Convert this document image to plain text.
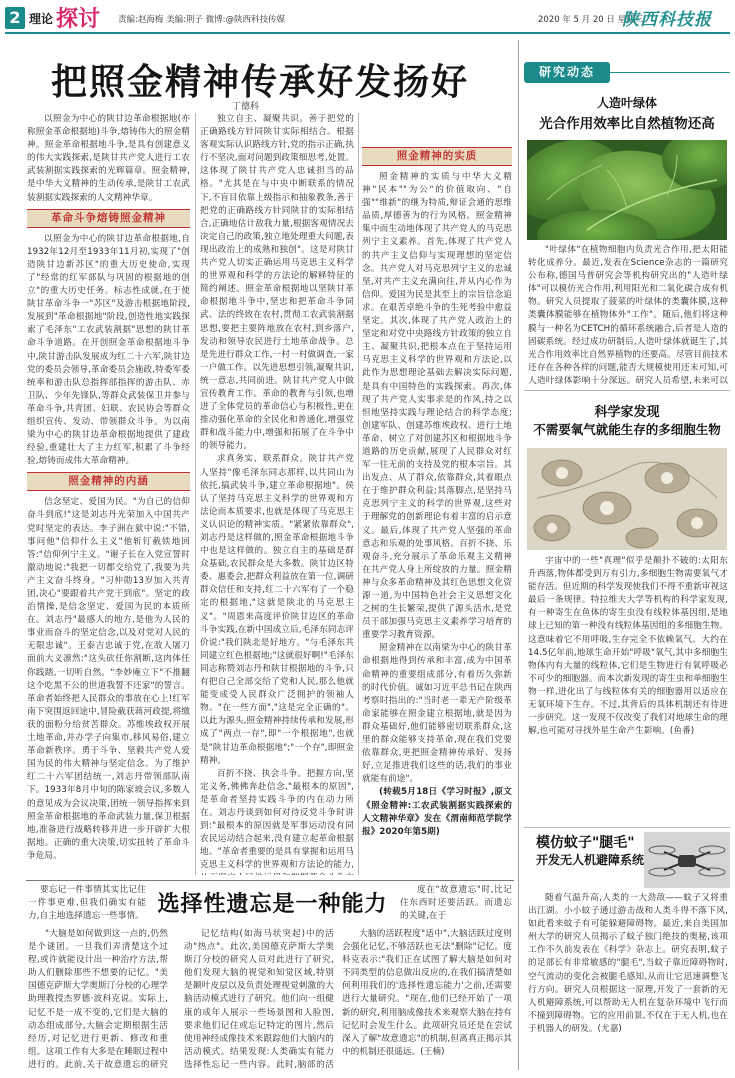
2 理论 探讨 责编:赵海梅 美编:荆子 微博:@陕西科技传媒	2020 年 5 月 20 日 星期三
陕西科技报
把照金精神传承好发扬好
丁德科

以照金为中心的陕甘边革命根据地(亦称照金革命根据地)斗争,熔铸伟大的照金精神。照金革命根据地斗争,是具有创建意义的伟大实践探索,是陕甘共产党人进行工农武装割据实践探索的光辉篇章。照金精神,是中华大义精神的生动传承,是陕甘工农武装割据实践探索的人文精神华章。

革命斗争熔铸照金精神

以照金为中心的陕甘边革命根据地,自1932年12月至1933年11月初,实现了"创造陕甘边新苏区"的重大历史使命,实现了"经常的红军部队与巩固的根据地的创立"的重大历史任务。标志性成就,在于使陕甘革命斗争一"苏区"及游击根据地阶段,发展到"革命根据地"阶段,创造性地实践探索了毛泽东"工农武装割据"思想的陕甘革命斗争道路。在开创照金革命根据地斗争中,陕甘游击队发展成为红二十六军,陕甘边党的委员会领导,革命委员会施政,特委军委统率和游击队总指挥部指挥的游击队、赤卫队、少年先锋队,等群众武装保卫并参与革命斗争,共青团、妇联、农民协会等群众组织宣传、发动、带领群众斗争。为以南梁为中心的陕甘边革命根据地提供了建政经验,重建壮大了主力红军,积累了斗争经验,熔铸而成伟大革命精神。

照金精神的内涵

信念坚定、爱国为民。"为自己的信仰奋斗到底!"这是刘志丹光荣加入中国共产党时坚定的表达。李子洲在狱中说:"不错,事问他"信仰什么主义"他斩钉截铁地回答:"信仰列宁主义。"谢子长在入党宣誓时激动地说:"我把一切都交给党了,我要为共产主义奋斗终身。"习仲勋13岁加入共青团,决心"要跟着共产党干到底"。坚定的政治情操,是信念坚定、爱国为民的本质所在。刘志丹"最感人的地方,是他为人民的事业而奋斗的坚定信念,以及对党对人民的无限忠诚"。王泰吉忠诚于党,在敌人屠刀面前大义凛然:"这头砍任你割断,这肉体任你践踏,一切听自然。"李妙庵立下"不推翻这个吃黑不公的世道我誓不还家"的誓言。革命者始终把人民群众的事放在心上!红军南下突围返回途中,冒险截获蒋河政提,将缴获的面粉分给贫苦群众。苏维埃政权开展土地革命,并办学子向集市,移风易俗,建立革命新秩序。勇于斗争、坚毅共产党人爱国为民的伟大精神与坚定信念。为了维护红二十六军团结统一,刘志丹带领部队南下。1933年8月中旬的陈家坡会议,多数人的意见成为会议决策,团统一领导指挥来到照金革命根据地的革命武装力量,保卫根据地,准备进行战略转移并进一步开辟扩大根据地。正确的重大决策,切实扭转了革命斗争危局。

独立自主、凝聚共识。善于把党的正确路线方针同陕甘实际相结合。根据客观实际认识路线方针,党的指示正确,执行不坚决,面对问题到政策细思考,处置。这体现了陕甘共产党人忠诚担当的品格。"尤其是在与中央中断联系的情况下,不盲目依靠上级指示和抽象教条,善于把党的正确路线方针同陕甘的实际相结合,正确地估计敌我力量,根据客观情况去决定自己的政策,独立地处理重大问题,表现出政治上的成熟和独创"。这是对陕甘共产党人切实正确运用马克思主义科学的世界观和科学的方法论的解释特征的简约阐述。照金革命根据地以坚陕甘革命根据地斗争中,坚忠和把革命斗争同武、法的终致在农村,贯彻工农武装割据思想,要把主要阵地放在农村,到乡落户,发动和领导农民进行土地革命战争。总是先进行群众工作,一村一村做调查,一家一户做工作。以先进思想引领,凝聚共识,统一意志,共同前进。陕甘共产党人中做宣传教育工作。革命的教育与引领,也增进了全体党员的革命信心与积极性,更在推动强化革命的全民化和普通化,增强党群和战斗能力中,增强和拓展了在斗争中的领导能力。

求真务实、联系群众。陕甘共产党人坚持"像毛泽东同志那样,以共同山为依托,搞武装斗争,建立革命根据地"。侯认了坚持马克思主义科学的世界观和方法论而本质要求,也就是体现了马克思主义认识论的精神实质。"紧紧依靠群众",刘志丹是这样做的,照金革命根据地斗争中也是这样做的。独立自主的基础是群众基础,农民群众是大多数。陕甘边区特委、惠委会,把群众利益放在第一位,调研群众信任和支持,红二十六军有了一个稳定的根据地,"这就是陕北的马克思主义"。"周恩来高度评价陕甘边区的革命斗争实践,在新中国成立后,毛泽东同志评价说:"我们陕北是好地方。"与毛泽东共同建立红色根据地;"这就很好啊!"毛泽东同志称赞刘志丹和陕甘根据地的斗争,只有把自己全部交给了党和人民,那么他就能变成受人民群众广泛拥护的领袖人物。"在一些方面","这是完全正确的"。以此为源头,照金精神持续传承和发展,形成了"两点一存",即"一个根据地",也就是"陕甘边革命根据地";"一个存",即照金精神。

百折不挠、执会斗争。把握方向,坚定义务,佛佛奔赴信念,"最根本的原因",是革命者坚持实践斗争的内在动力所在。刘志丹谈到如何对待反党斗争时讲到:"最根本的原因就是军事运动没有同农民运动结合起来,没有建立起革命根据地。"革命者重要的是具有掌握和运用马克思主义科学的世界观和方法论的能力,

照金精神的实质

照金精神的实质与中华大义精神"民本""为公"的价值取向、"自强""维新"的继为特质,辩证会通的思维品质,厚德善为的行为风格。照金精神集中而生动地体现了共产党人的马克思列宁主义素养。首先,体现了共产党人的共产主义信仰与实现理想的坚定信念。共产党人对马克思列宁主义的忠诚坚,对共产主义充满向往,并从内心作为信仰。爱国为民是其至上的宗旨信念追求。在艰苦卓绝斗争的生死考验中愈益坚定。其次,体现了共产党人政治上的坚定和对党中央路线方针政策的独立自主、凝聚共识,把根本点在于坚持运用马克思主义科学的世界观和方法论,以此作为思想理论基础去解决实际问题,是具有中国特色的实践探索。再次,体现了共产党人实事求是的作风,持之以恒地坚持实践与理论结合的科学态度;创建军队、创建苏维埃政权、进行土地革命、树立了对创建苏区和根据地斗争道路的历史贡献,展现了人民群众对红军一往无前的支持及党的根本宗旨。其出发点、从了群众,依靠群众,其着眼点在于维护群众利益;其落脚点,是坚持马克思列宁主义的科学的世界观,这些对于理解党的创新理论有着丰富的启示意义。最后,体现了共产党人坚强的革命意志和乐观的处事风格。百折不挠、乐观奋斗,充分展示了革命乐观主义精神在共产党人身上所绽放的力量。照金精神与众多革命精神及其红色思想文化资源一道,为中国特色社会主义思想文化之树的生长繁荣,提供了源头活水,是党员干部加强马克思主义素养学习培育的重要学习教育资源。

照金精神在以南梁为中心的陕甘革命根据地得到传承和丰富,成为中国革命精神的重要组成部分,有着历久弥新的时代价值。诚如习近平总书记在陕西考察时指出的:"当时老一辈无产阶级革命家能够在照金建立根据地,就是因为群众基础好,他们能够密切联系群众,这里的群众能够支持革命,现在我们党要依靠群众,更把照金精神传承好、发扬好,立足推进我们这些的话,我们的事业就能有前途"。

(转载5月18日《学习时报》,原文《照金精神:工农武装割据实践探索的人文精神华章》发在《渭南师范学院学报》2020年第5期)

研究动态
人造叶绿体
光合作用效率比自然植物还高

"叶绿体"在植物细胞内负责光合作用,把太阳能转化成养分。最近,发表在Science杂志的一篇研究公布称,德国马普研究会等机构研究出的"人造叶绿体"可以模仿光合作用,利用阳光和二氧化碳合成有机物。研究人员提取了菠菜的叶绿体的类囊体膜,这种类囊体膜能够在植物体外"工作"。随后,他们将这种膜与一种名为CETCH的循环系统融合,后者是人造的固碳系统。经过成功研制后,人造叶绿体就诞生了,其光合作用效率比自然界植物的还要高。尽管目前技术还存在各种各样的问题,能否大规模使用还未可知,可人造叶绿体影响十分深远。研究人员希望,未来可以

科学家发现
不需要氧气就能生存的多细胞生物

宇宙中的一些"真理"似乎是颠扑不破的:太阳东升西落,物体都受到万有引力,多细胞生物需要氧气才能存活。但近期的科学发现使我们不得不重新审视这最后一条规律。特拉维夫大学等机构的科学家发现,有一种寄生在鱼体的寄生虫没有线粒体基因组,是地球上已知的第一种没有线粒体基因组的多细胞生物。这意味着它不用呼吸,生存完全不依赖氧气。大约在14.5亿年前,地球生命开始"呼吸"氧气,其中多细胞生物体内有大量的线粒体,它们是生物进行有氧呼吸必不可少的细胞器。而本次新发现的寄生虫和单细胞生物一样,进化出了与线粒体有关的细胞器用以适应在无氧环境下生存。不过,其背后的具体机制还有待进一步研究。这一发现不仅改变了我们对地球生命的理解,也可能对寻找外星生命产生影响。(鱼番)

模仿蚊子"腿毛"
开发无人机避障系统

随着气温升高,人类的一大劲敌——蚊子又将重出江湖。小小蚊子通过游击战和人类斗得不落下风,如此看来蚊子有可能躲避障碍物。最近,来自美国加州大学的研究人员揭示了蚊子独门绝技的奥秘,该项工作不久前发表在《科学》杂志上。研究表明,蚊子的足部长有非常敏感的"腿毛",当蚊子靠近障碍物时,空气流动的变化会被腿毛感知,从而让它迅速调整飞行方向。研究人员根据这一原理,开发了一套新的无人机避障系统,可以帮助无人机在复杂环境中飞行而不撞到障碍物。它的应用前景,不仅在于无人机,也在于机器人的研发。(尤嘉)

要忘记一件事情其实比记住一件事更难,但我们确实有能力,自主地选择遗忘一些事情。 选择性遗忘是一种能力

度在"故意遗忘"时,比记住东西时还要活跃。而遗忘的关键,在于

"大脑是如何做到这一点的,仍然是个谜团。一旦我们弄清楚这个过程,或许就能设计出一种治疗方法,帮助人们删除那些不想要的记忆。"美国德克萨斯大学奥斯汀分校的心理学助理教授杰罗德·波科克说。实际上,记忆不是一成不变的,它们是大脑的动态组成部分,大脑会定期根据生活经历,对记忆进行更新、修改和重组。这项工作有大多是在睡眠过程中进行的。此前,关于故意遗忘的研究

记忆结构(如海马状突起)中的活动"热点"。此次,美国德克萨斯大学奥斯汀分校的研究人员对此进行了研究,他们发现大脑的视觉和知觉区域,特别是颞叶皮层以及负责处理视觉刺激的大脑活动模式进行了研究。他们向一组健康的成年人展示一些场景图和人脸图,要求他们记住或忘记特定的图片,然后使用神经成像技术来跟踪他们大脑内的活动模式。结果发现:人类确实有能力选择性忘记一些内容。此时,脑部的活

大脑的活跃程度"适中",大脑活跃过度则会强化记忆,不够活跃也无法"删除"记忆。度科克表示:"我们正在试图了解大脑是如何对不同类型的信息做出反应的,在我们搞清楚如何利用我们的'选择性遗忘能力'之前,还需要进行大量研究。"现在,他们已经开始了一项新的研究,利用脑成像技术来观察大脑在持有记忆时会发生什么。此项研究员还是在尝试深入了解"故意遗忘"的机制,但离真正揭示其中的机制还很遥远。(王楠)
